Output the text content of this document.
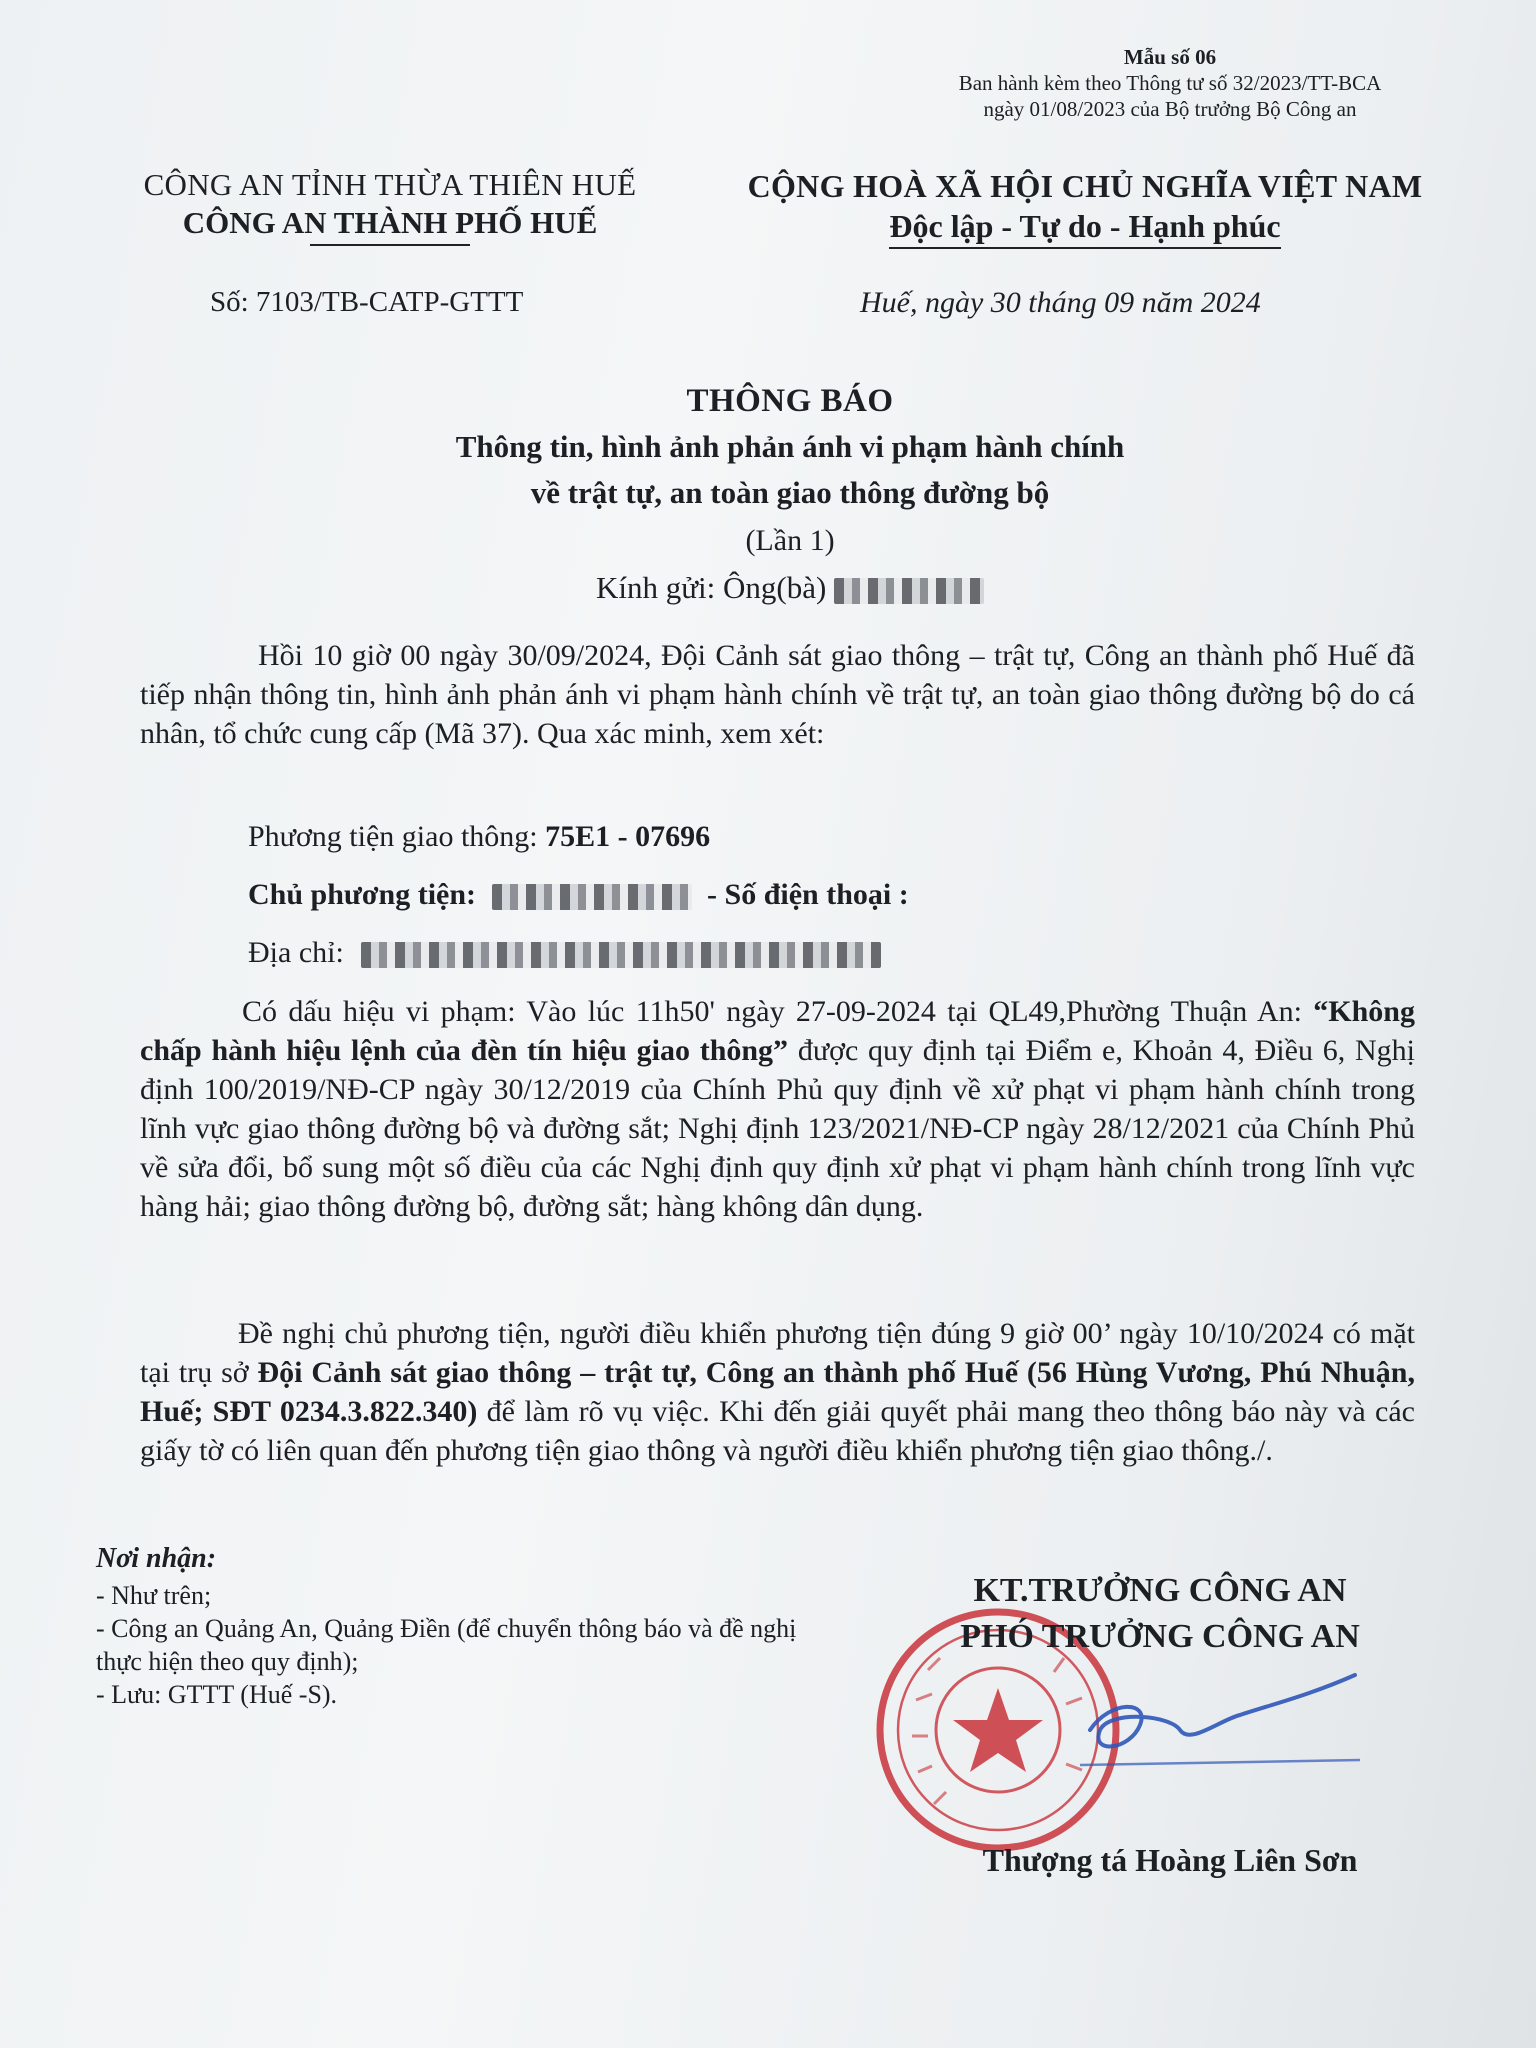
Mẫu số 06
Ban hành kèm theo Thông tư số 32/2023/TT-BCA
ngày 01/08/2023 của Bộ trưởng Bộ Công an
CÔNG AN TỈNH THỪA THIÊN HUẾ
CÔNG AN THÀNH PHỐ HUẾ
CỘNG HOÀ XÃ HỘI CHỦ NGHĨA VIỆT NAM
Độc lập - Tự do - Hạnh phúc
Số: 7103/TB-CATP-GTTT	Huế, ngày 30 tháng 09 năm 2024
THÔNG BÁO
Thông tin, hình ảnh phản ánh vi phạm hành chính
về trật tự, an toàn giao thông đường bộ
(Lần 1)
Kính gửi: Ông(bà)
Hồi 10 giờ 00 ngày 30/09/2024, Đội Cảnh sát giao thông – trật tự, Công an thành phố Huế đã tiếp nhận thông tin, hình ảnh phản ánh vi phạm hành chính về trật tự, an toàn giao thông đường bộ do cá nhân, tổ chức cung cấp (Mã 37). Qua xác minh, xem xét:
Phương tiện giao thông: 75E1 - 07696
Chủ phương tiện:	- Số điện thoại :
Địa chỉ:
Có dấu hiệu vi phạm: Vào lúc 11h50' ngày 27-09-2024 tại QL49,Phường Thuận An: “Không chấp hành hiệu lệnh của đèn tín hiệu giao thông” được quy định tại Điểm e, Khoản 4, Điều 6, Nghị định 100/2019/NĐ-CP ngày 30/12/2019 của Chính Phủ quy định về xử phạt vi phạm hành chính trong lĩnh vực giao thông đường bộ và đường sắt; Nghị định 123/2021/NĐ-CP ngày 28/12/2021 của Chính Phủ về sửa đổi, bổ sung một số điều của các Nghị định quy định xử phạt vi phạm hành chính trong lĩnh vực hàng hải; giao thông đường bộ, đường sắt; hàng không dân dụng.
Đề nghị chủ phương tiện, người điều khiển phương tiện đúng 9 giờ 00’ ngày 10/10/2024 có mặt tại trụ sở Đội Cảnh sát giao thông – trật tự, Công an thành phố Huế (56 Hùng Vương, Phú Nhuận, Huế; SĐT 0234.3.822.340) để làm rõ vụ việc. Khi đến giải quyết phải mang theo thông báo này và các giấy tờ có liên quan đến phương tiện giao thông và người điều khiển phương tiện giao thông./.
Nơi nhận:
- Như trên;
- Công an Quảng An, Quảng Điền (để chuyển thông báo và đề nghị thực hiện theo quy định);
- Lưu: GTTT (Huế -S).
KT.TRƯỞNG CÔNG AN
PHÓ TRƯỞNG CÔNG AN
Thượng tá Hoàng Liên Sơn
